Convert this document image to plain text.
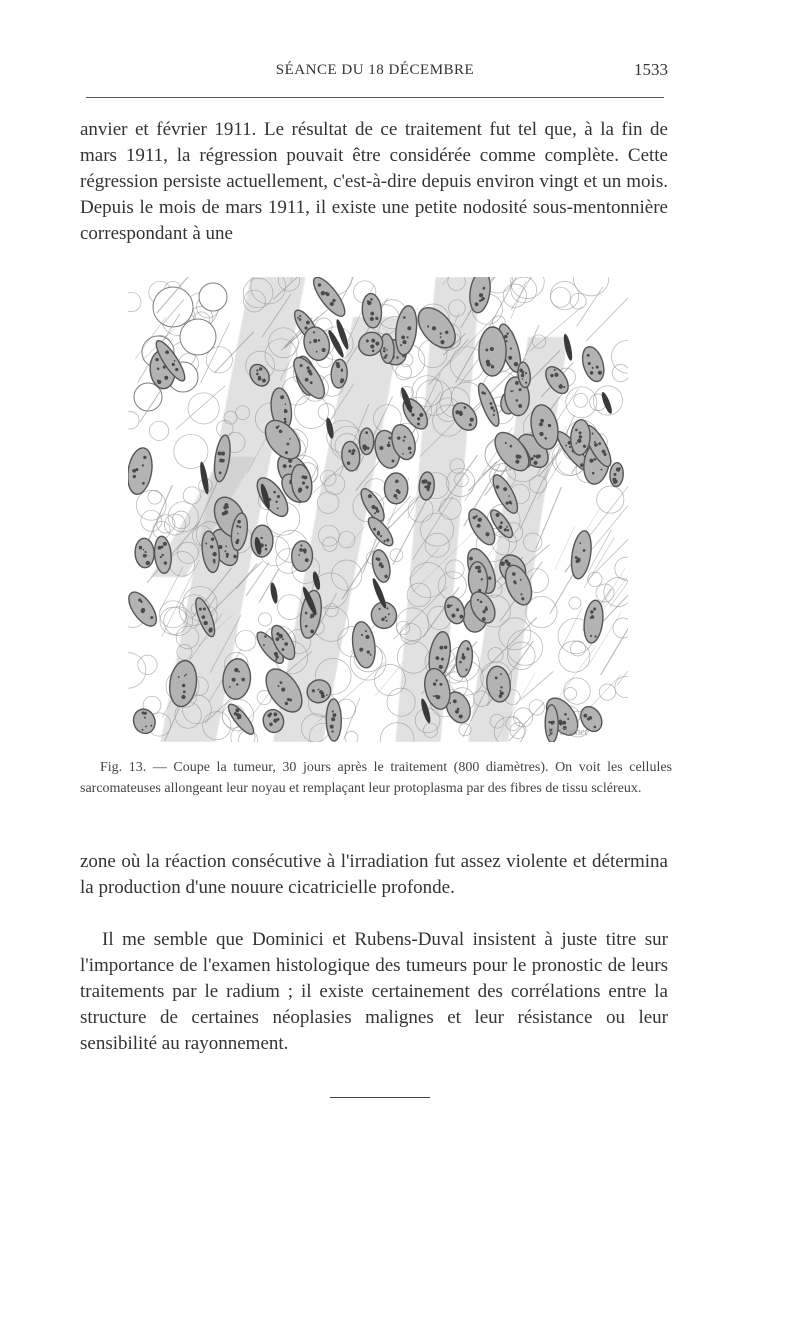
SÉANCE DU 18 DÉCEMBRE	1533

anvier et février 1911. Le résultat de ce traitement fut tel que, à la fin de mars 1911, la régression pouvait être considérée comme complète. Cette régression persiste actuellement, c'est-à-dire depuis environ vingt et un mois. Depuis le mois de mars 1911, il existe une petite nodosité sous-mentonnière correspondant à une

R. Cochet

Fig. 13. — Coupe la tumeur, 30 jours après le traitement (800 diamètres). On voit les cellules sarcomateuses allongeant leur noyau et remplaçant leur protoplasma par des fibres de tissu scléreux.

zone où la réaction consécutive à l'irradiation fut assez violente et détermina la production d'une nouure cicatricielle profonde.

Il me semble que Dominici et Rubens-Duval insistent à juste titre sur l'importance de l'examen histologique des tumeurs pour le pronostic de leurs traitements par le radium ; il existe certainement des corrélations entre la structure de certaines néoplasies malignes et leur résistance ou leur sensibilité au rayonnement.
